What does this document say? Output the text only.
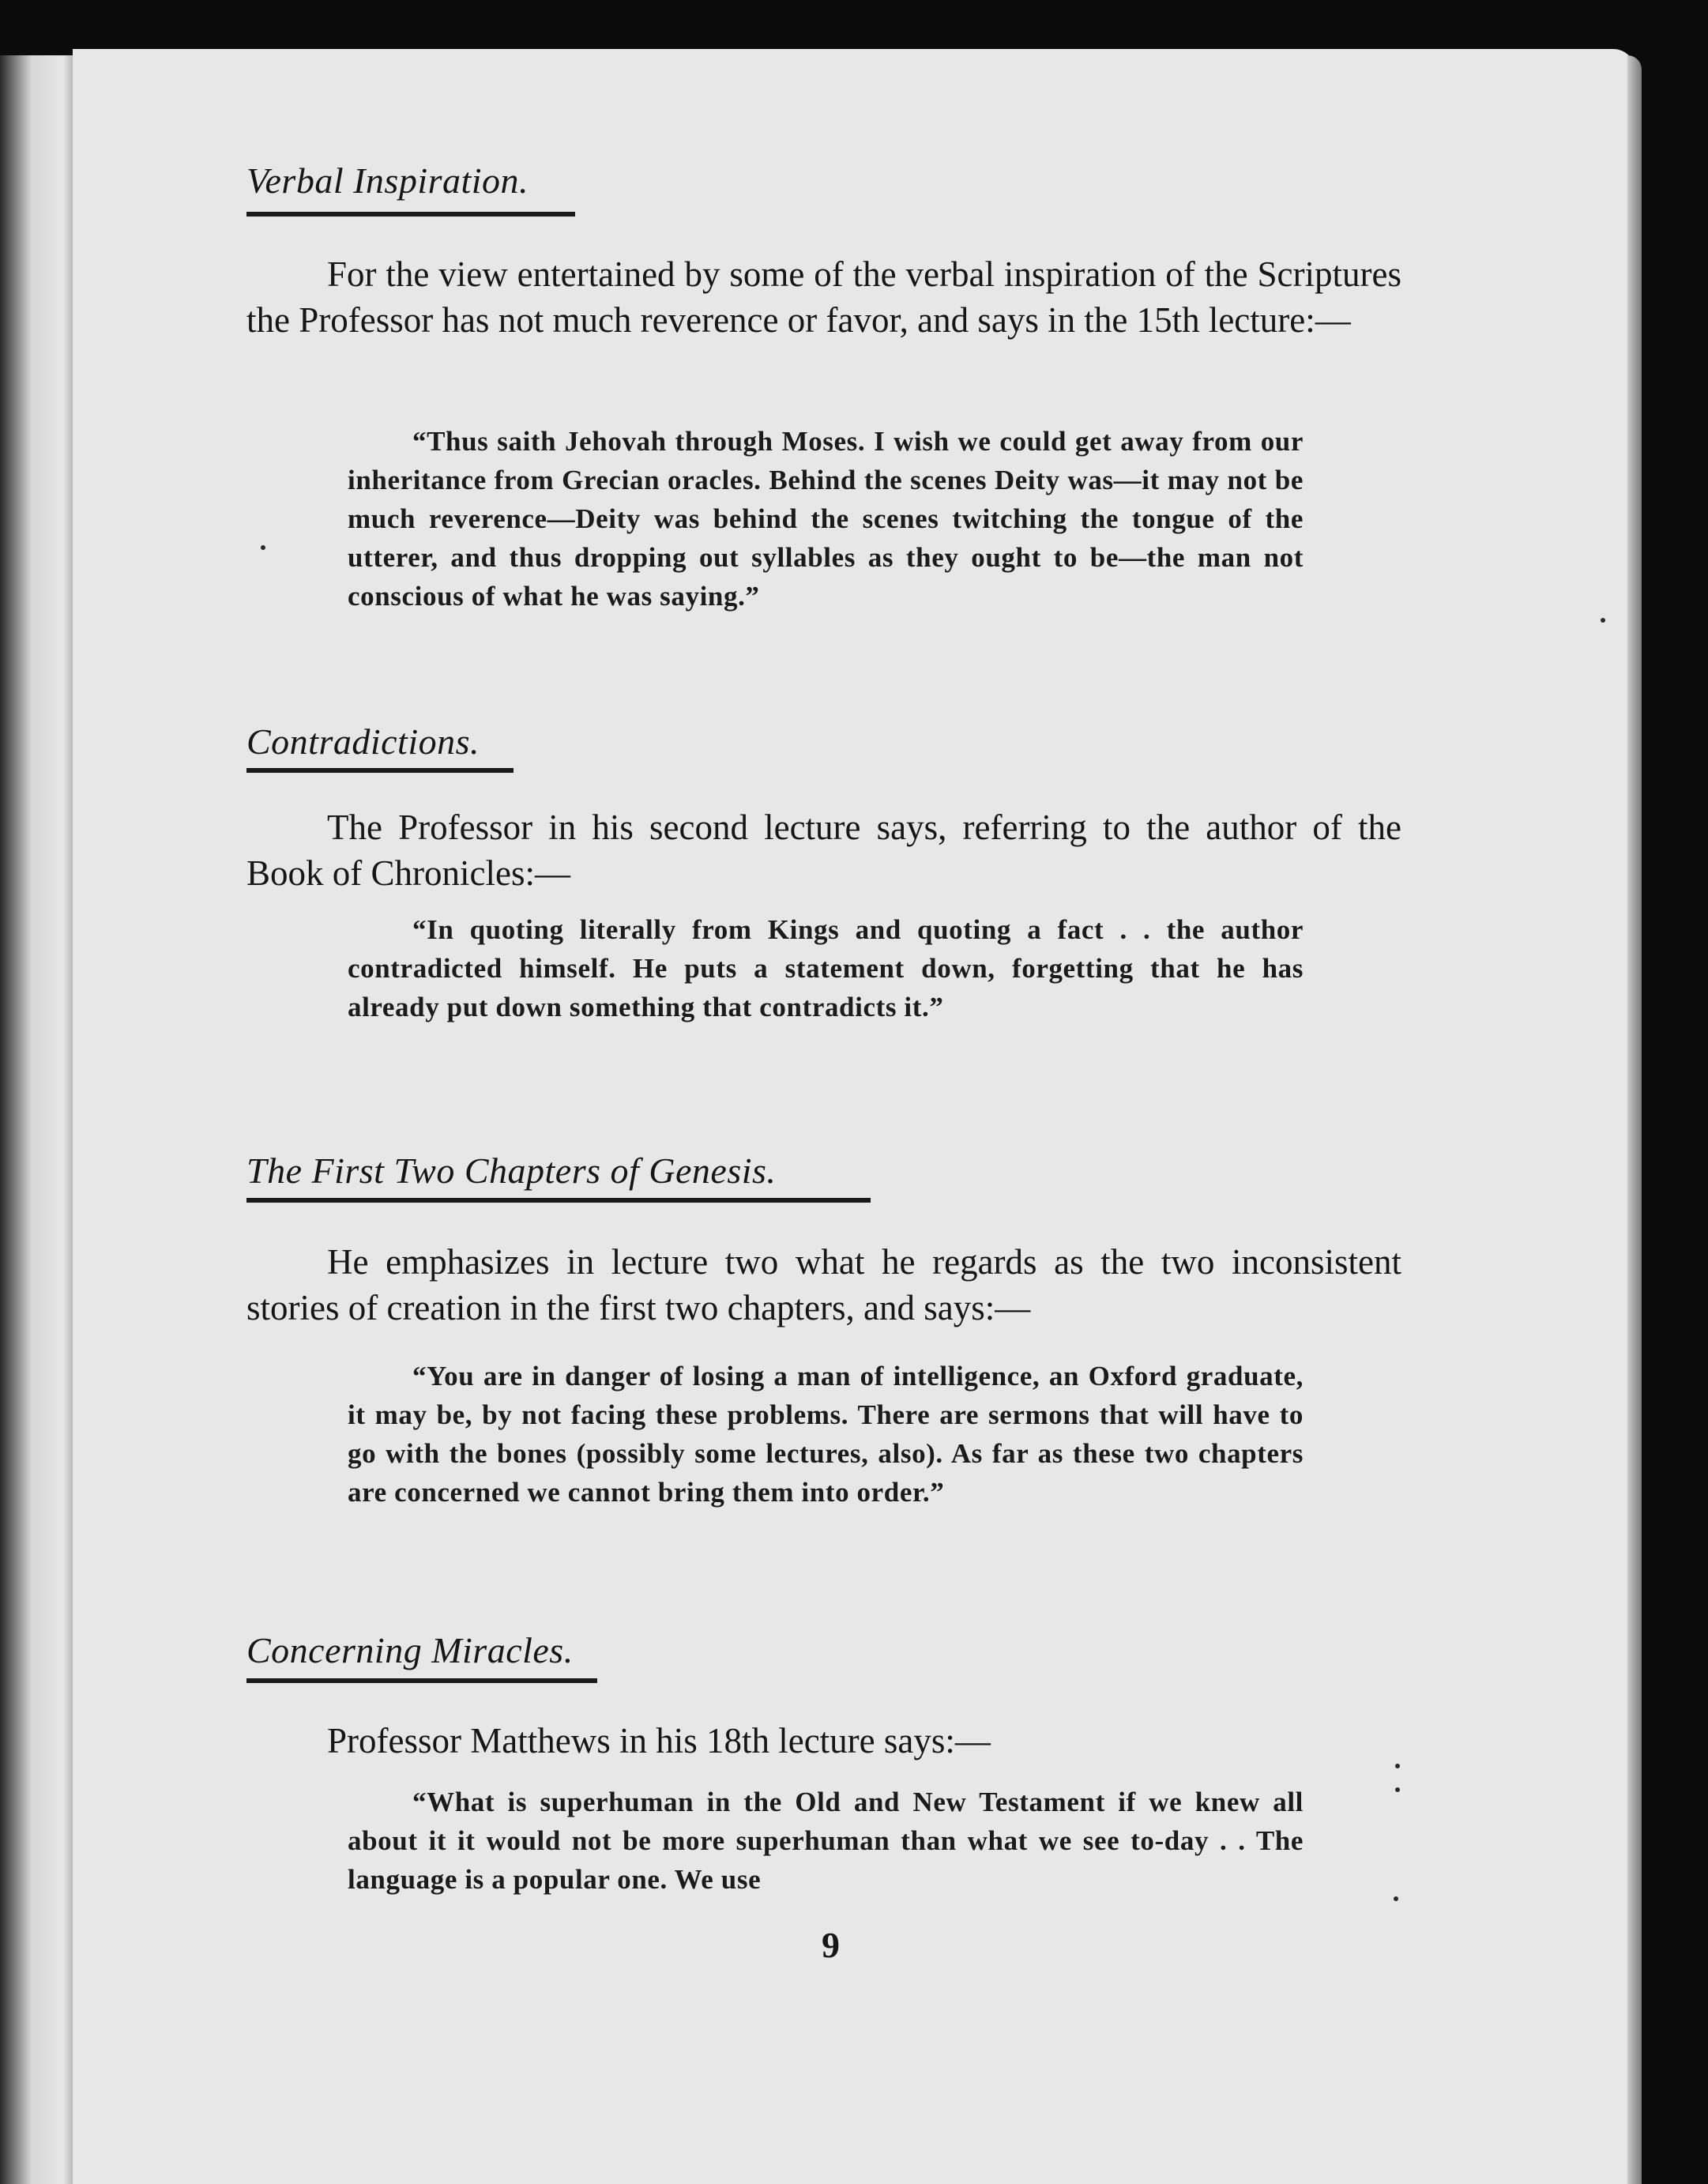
Verbal Inspiration.
For the view entertained by some of the verbal inspiration of the Scriptures the Professor has not much reverence or favor, and says in the 15th lecture:—
“Thus saith Jehovah through Moses. I wish we could get away from our inheritance from Grecian oracles. Behind the scenes Deity was—it may not be much reverence—Deity was behind the scenes twitching the tongue of the utterer, and thus dropping out syllables as they ought to be—the man not conscious of what he was saying.”
Contradictions.
The Professor in his second lecture says, referring to the author of the Book of Chronicles:—
“In quoting literally from Kings and quoting a fact . . the author contradicted himself. He puts a statement down, forgetting that he has already put down something that contradicts it.”
The First Two Chapters of Genesis.
He emphasizes in lecture two what he regards as the two inconsistent stories of creation in the first two chapters, and says:—
“You are in danger of losing a man of intelligence, an Oxford graduate, it may be, by not facing these problems. There are sermons that will have to go with the bones (possibly some lectures, also). As far as these two chapters are concerned we cannot bring them into order.”
Concerning Miracles.
Professor Matthews in his 18th lecture says:—
“What is superhuman in the Old and New Testament if we knew all about it it would not be more superhuman than what we see to-day . . The language is a popular one. We use
9
